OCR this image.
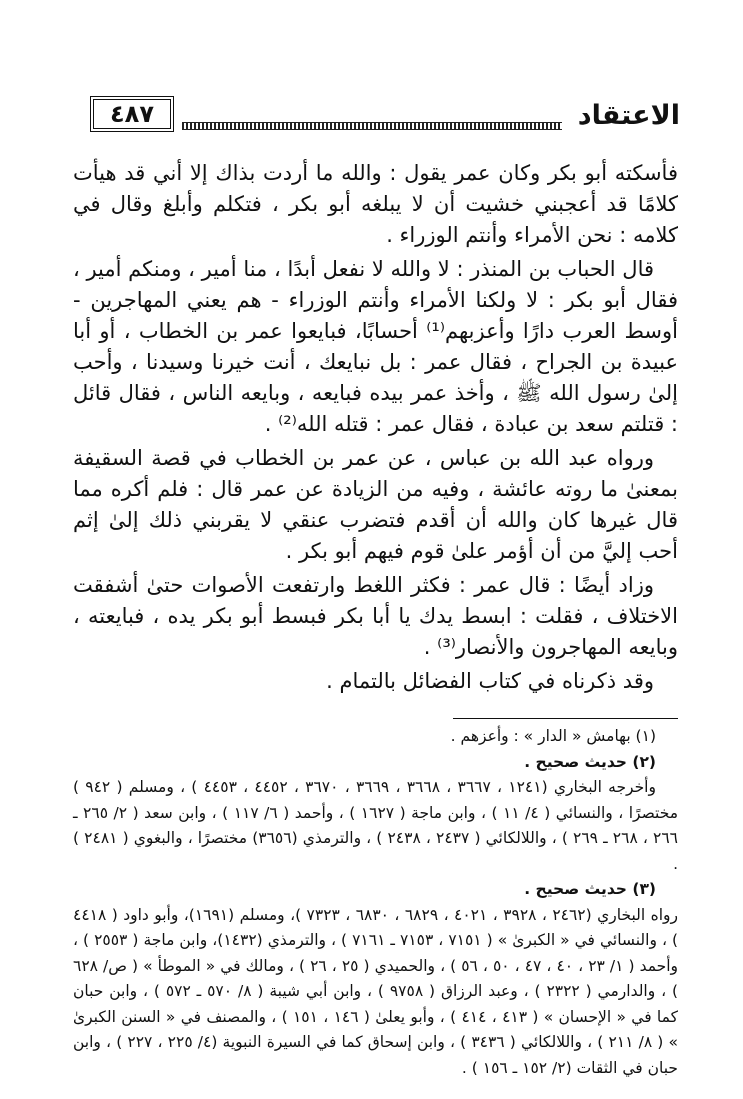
الاعتقاد
٤٨٧

فأسكته أبو بكر وكان عمر يقول : والله ما أردت بذاك إلا أني قد هيأت كلامًا قد أعجبني خشيت أن لا يبلغه أبو بكر ، فتكلم وأبلغ وقال في كلامه : نحن الأمراء وأنتم الوزراء .

قال الحباب بن المنذر : لا والله لا نفعل أبدًا ، منا أمير ، ومنكم أمير ، فقال أبو بكر : لا ولكنا الأمراء وأنتم الوزراء - هم يعني المهاجرين - أوسط العرب دارًا وأعزبهم⁽¹⁾ أحسابًا، فبايعوا عمر بن الخطاب ، أو أبا عبيدة بن الجراح ، فقال عمر : بل نبايعك ، أنت خيرنا وسيدنا ، وأحب إلىٰ رسول الله ﷺ ، وأخذ عمر بيده فبايعه ، وبايعه الناس ، فقال قائل : قتلتم سعد بن عبادة ، فقال عمر : قتله الله⁽²⁾ .

ورواه عبد الله بن عباس ، عن عمر بن الخطاب في قصة السقيفة بمعنىٰ ما روته عائشة ، وفيه من الزيادة عن عمر قال : فلم أكره مما قال غيرها كان والله أن أقدم فتضرب عنقي لا يقربني ذلك إلىٰ إثم أحب إليَّ من أن أؤمر علىٰ قوم فيهم أبو بكر .

وزاد أيضًا : قال عمر : فكثر اللغط وارتفعت الأصوات حتىٰ أشفقت الاختلاف ، فقلت : ابسط يدك يا أبا بكر فبسط أبو بكر يده ، فبايعته ، وبايعه المهاجرون والأنصار⁽³⁾ .

وقد ذكرناه في كتاب الفضائل بالتمام .

(١) بهامش « الدار » : وأعزهم .

(٢) حديث صحيح .

وأخرجه البخاري (١٢٤١ ، ٣٦٦٧ ، ٣٦٦٨ ، ٣٦٦٩ ، ٣٦٧٠ ، ٤٤٥٢ ، ٤٤٥٣ ) ، ومسلم ( ٩٤٢ ) مختصرًا ، والنسائي ( ٤/ ١١ ) ، وابن ماجة ( ١٦٢٧ ) ، وأحمد ( ٦/ ١١٧ ) ، وابن سعد ( ٢/ ٢٦٥ ـ ٢٦٦ ، ٢٦٨ ـ ٢٦٩ ) ، واللالكائي ( ٢٤٣٧ ، ٢٤٣٨ ) ، والترمذي (٣٦٥٦) مختصرًا ، والبغوي ( ٢٤٨١ ) .

(٣) حديث صحيح .

رواه البخاري (٢٤٦٢ ، ٣٩٢٨ ، ٤٠٢١ ، ٦٨٢٩ ، ٦٨٣٠ ، ٧٣٢٣ )، ومسلم (١٦٩١)، وأبو داود ( ٤٤١٨ ) ، والنسائي في « الكبرىٰ » ( ٧١٥١ ، ٧١٥٣ ـ ٧١٦١ ) ، والترمذي (١٤٣٢)، وابن ماجة ( ٢٥٥٣ ) ، وأحمد ( ١/ ٢٣ ، ٤٠ ، ٤٧ ، ٥٠ ، ٥٦ ) ، والحميدي ( ٢٥ ، ٢٦ ) ، ومالك في « الموطأ » ( ص/ ٦٢٨ ) ، والدارمي ( ٢٣٢٢ ) ، وعبد الرزاق ( ٩٧٥٨ ) ، وابن أبي شيبة ( ٨/ ٥٧٠ ـ ٥٧٢ ) ، وابن حبان كما في « الإحسان » ( ٤١٣ ، ٤١٤ ) ، وأبو يعلىٰ ( ١٤٦ ، ١٥١ ) ، والمصنف في « السنن الكبرىٰ » ( ٨/ ٢١١ ) ، واللالكائي ( ٣٤٣٦ ) ، وابن إسحاق كما في السيرة النبوية (٤/ ٢٢٥ ، ٢٢٧ ) ، وابن حبان في الثقات (٢/ ١٥٢ ـ ١٥٦ ) .
